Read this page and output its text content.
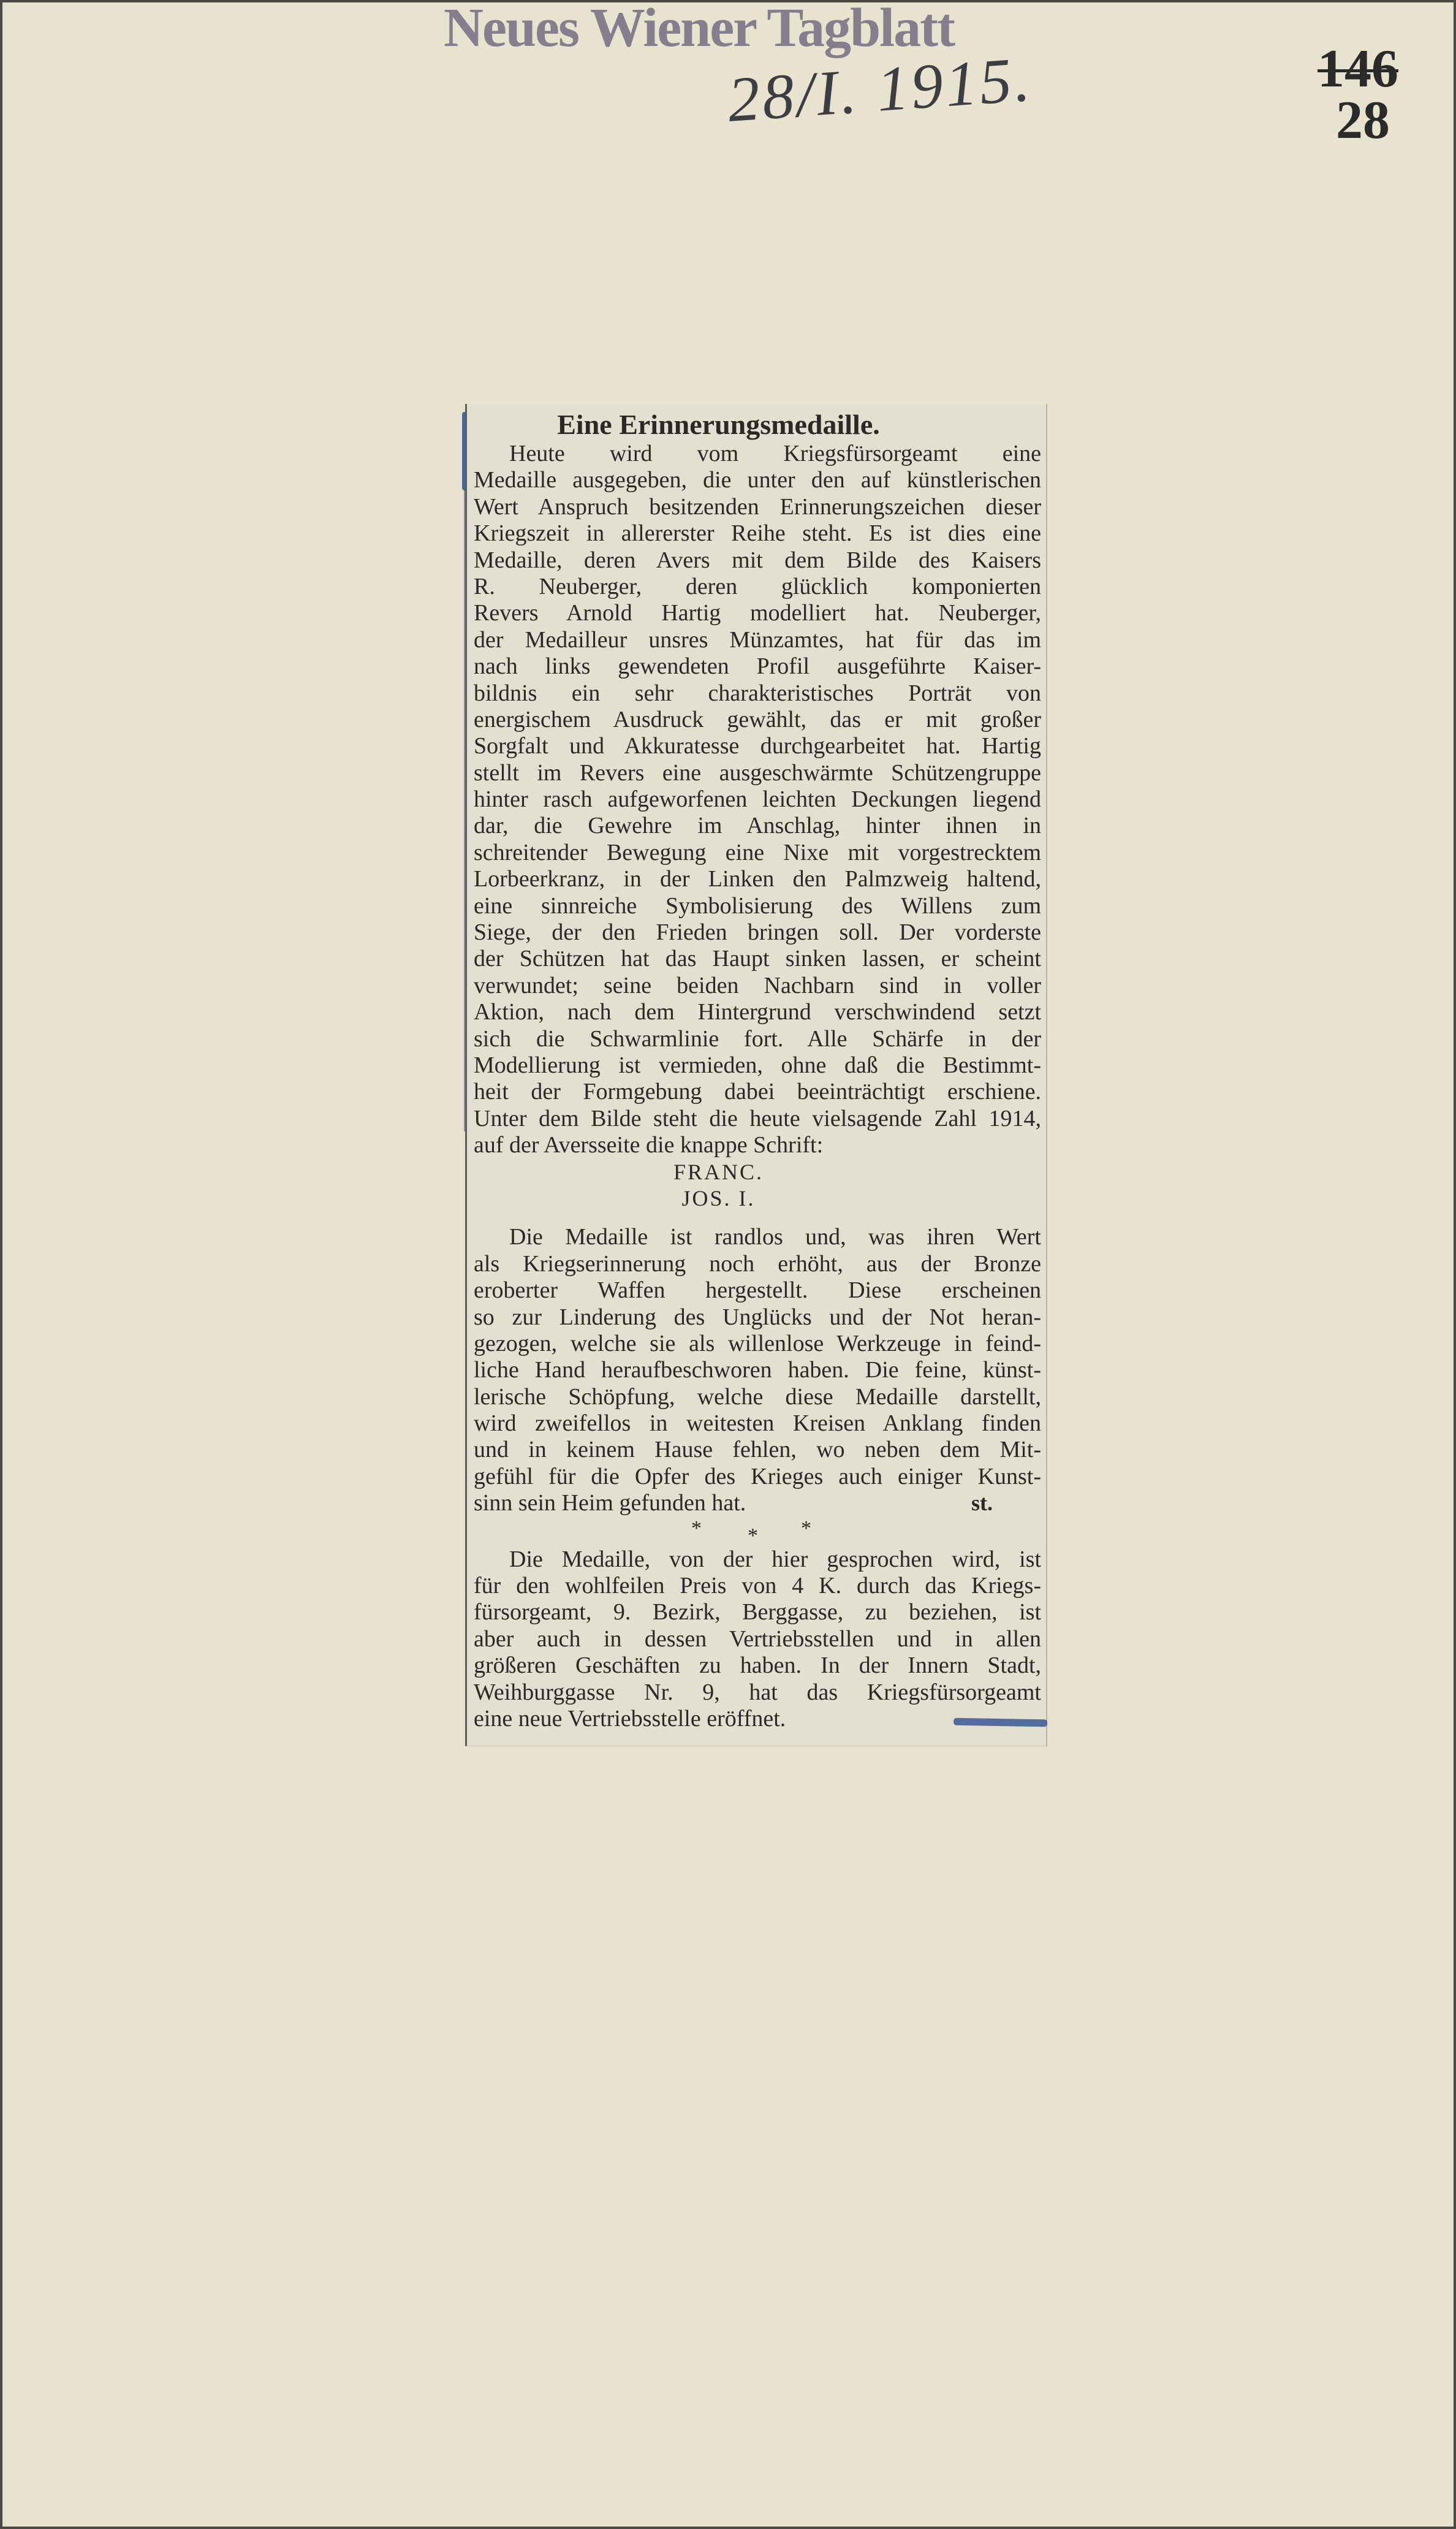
Neues Wiener Tagblatt
28/I. 1915.	146
28
Eine Erinnerungsmedaille.
Heute wird vom Kriegsfürsorgeamt eine
Medaille ausgegeben, die unter den auf künstlerischen
Wert Anspruch besitzenden Erinnerungszeichen dieser
Kriegszeit in allererster Reihe steht. Es ist dies eine
Medaille, deren Avers mit dem Bilde des Kaisers
R. Neuberger, deren glücklich komponierten
Revers Arnold Hartig modelliert hat. Neuberger,
der Medailleur unsres Münzamtes, hat für das im
nach links gewendeten Profil ausgeführte Kaiser-
bildnis ein sehr charakteristisches Porträt von
energischem Ausdruck gewählt, das er mit großer
Sorgfalt und Akkuratesse durchgearbeitet hat. Hartig
stellt im Revers eine ausgeschwärmte Schützengruppe
hinter rasch aufgeworfenen leichten Deckungen liegend
dar, die Gewehre im Anschlag, hinter ihnen in
schreitender Bewegung eine Nixe mit vorgestrecktem
Lorbeerkranz, in der Linken den Palmzweig haltend,
eine sinnreiche Symbolisierung des Willens zum
Siege, der den Frieden bringen soll. Der vorderste
der Schützen hat das Haupt sinken lassen, er scheint
verwundet; seine beiden Nachbarn sind in voller
Aktion, nach dem Hintergrund verschwindend setzt
sich die Schwarmlinie fort. Alle Schärfe in der
Modellierung ist vermieden, ohne daß die Bestimmt-
heit der Formgebung dabei beeinträchtigt erschiene.
Unter dem Bilde steht die heute vielsagende Zahl 1914,
auf der Aversseite die knappe Schrift:
FRANC.
JOS. I.
Die Medaille ist randlos und, was ihren Wert
als Kriegserinnerung noch erhöht, aus der Bronze
eroberter Waffen hergestellt. Diese erscheinen
so zur Linderung des Unglücks und der Not heran-
gezogen, welche sie als willenlose Werkzeuge in feind-
liche Hand heraufbeschworen haben. Die feine, künst-
lerische Schöpfung, welche diese Medaille darstellt,
wird zweifellos in weitesten Kreisen Anklang finden
und in keinem Hause fehlen, wo neben dem Mit-
gefühl für die Opfer des Krieges auch einiger Kunst-
sinn sein Heim gefunden hat.	st.
* * *
Die Medaille, von der hier gesprochen wird, ist
für den wohlfeilen Preis von 4 K. durch das Kriegs-
fürsorgeamt, 9. Bezirk, Berggasse, zu beziehen, ist
aber auch in dessen Vertriebsstellen und in allen
größeren Geschäften zu haben. In der Innern Stadt,
Weihburggasse Nr. 9, hat das Kriegsfürsorgeamt
eine neue Vertriebsstelle eröffnet.
